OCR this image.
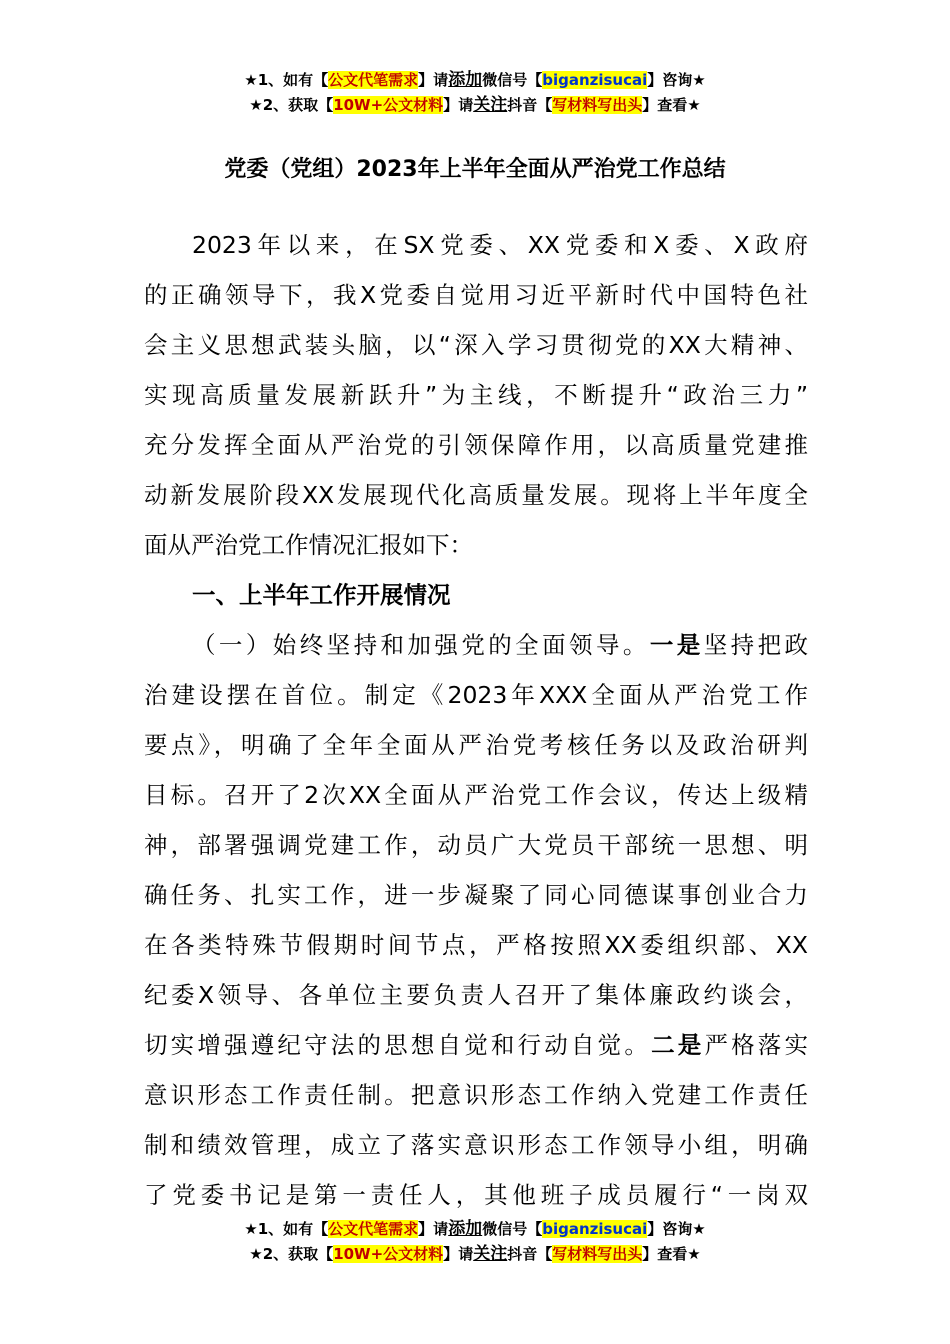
★1、如有【公文代笔需求】请添加微信号【biganzisucai】咨询★
★2、获取【10W+公文材料】请关注抖音【写材料写出头】查看★
党委（党组）2023年上半年全面从严治党工作总结
2023年以来，在SX党委、XX党委和X委、X政府
的正确领导下，我X党委自觉用习近平新时代中国特色社
会主义思想武装头脑，以“深入学习贯彻党的XX大精神、
实现高质量发展新跃升”为主线，不断提升“政治三力”
充分发挥全面从严治党的引领保障作用，以高质量党建推
动新发展阶段XX发展现代化高质量发展。现将上半年度全
面从严治党工作情况汇报如下：
一、上半年工作开展情况
（一）始终坚持和加强党的全面领导。一是坚持把政
治建设摆在首位。制定《2023年XXX全面从严治党工作
要点》，明确了全年全面从严治党考核任务以及政治研判
目标。召开了2次XX全面从严治党工作会议，传达上级精
神，部署强调党建工作，动员广大党员干部统一思想、明
确任务、扎实工作，进一步凝聚了同心同德谋事创业合力
在各类特殊节假期时间节点，严格按照XX委组织部、XX
纪委X领导、各单位主要负责人召开了集体廉政约谈会，
切实增强遵纪守法的思想自觉和行动自觉。二是严格落实
意识形态工作责任制。把意识形态工作纳入党建工作责任
制和绩效管理，成立了落实意识形态工作领导小组，明确
了党委书记是第一责任人，其他班子成员履行“一岗双
★1、如有【公文代笔需求】请添加微信号【biganzisucai】咨询★
★2、获取【10W+公文材料】请关注抖音【写材料写出头】查看★
